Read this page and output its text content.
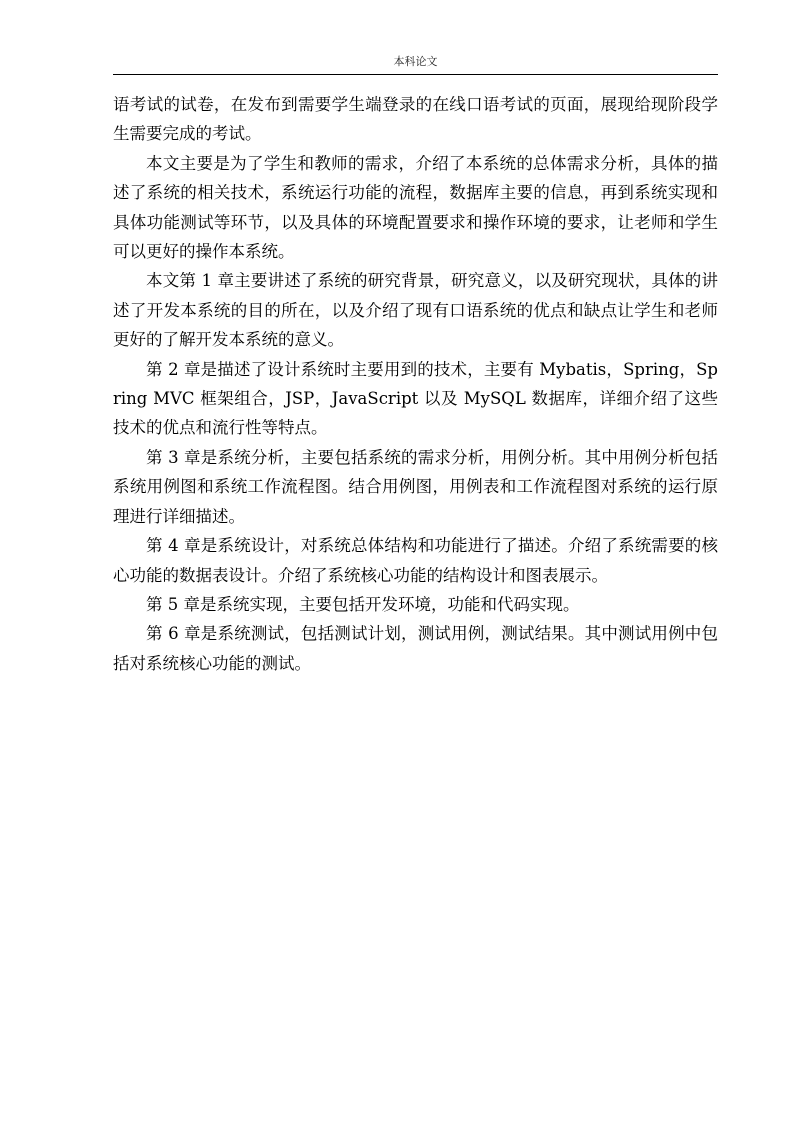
本科论文

语考试的试卷，在发布到需要学生端登录的在线口语考试的页面，展现给现阶段学生需要完成的考试。

本文主要是为了学生和教师的需求，介绍了本系统的总体需求分析，具体的描述了系统的相关技术，系统运行功能的流程，数据库主要的信息，再到系统实现和具体功能测试等环节，以及具体的环境配置要求和操作环境的要求，让老师和学生可以更好的操作本系统。

本文第 1 章主要讲述了系统的研究背景，研究意义，以及研究现状，具体的讲述了开发本系统的目的所在，以及介绍了现有口语系统的优点和缺点让学生和老师更好的了解开发本系统的意义。

第 2 章是描述了设计系统时主要用到的技术，主要有 Mybatis，Spring，Spring MVC 框架组合，JSP，JavaScript 以及 MySQL 数据库，详细介绍了这些技术的优点和流行性等特点。

第 3 章是系统分析，主要包括系统的需求分析，用例分析。其中用例分析包括系统用例图和系统工作流程图。结合用例图，用例表和工作流程图对系统的运行原理进行详细描述。

第 4 章是系统设计，对系统总体结构和功能进行了描述。介绍了系统需要的核心功能的数据表设计。介绍了系统核心功能的结构设计和图表展示。

第 5 章是系统实现，主要包括开发环境，功能和代码实现。

第 6 章是系统测试，包括测试计划，测试用例，测试结果。其中测试用例中包括对系统核心功能的测试。
